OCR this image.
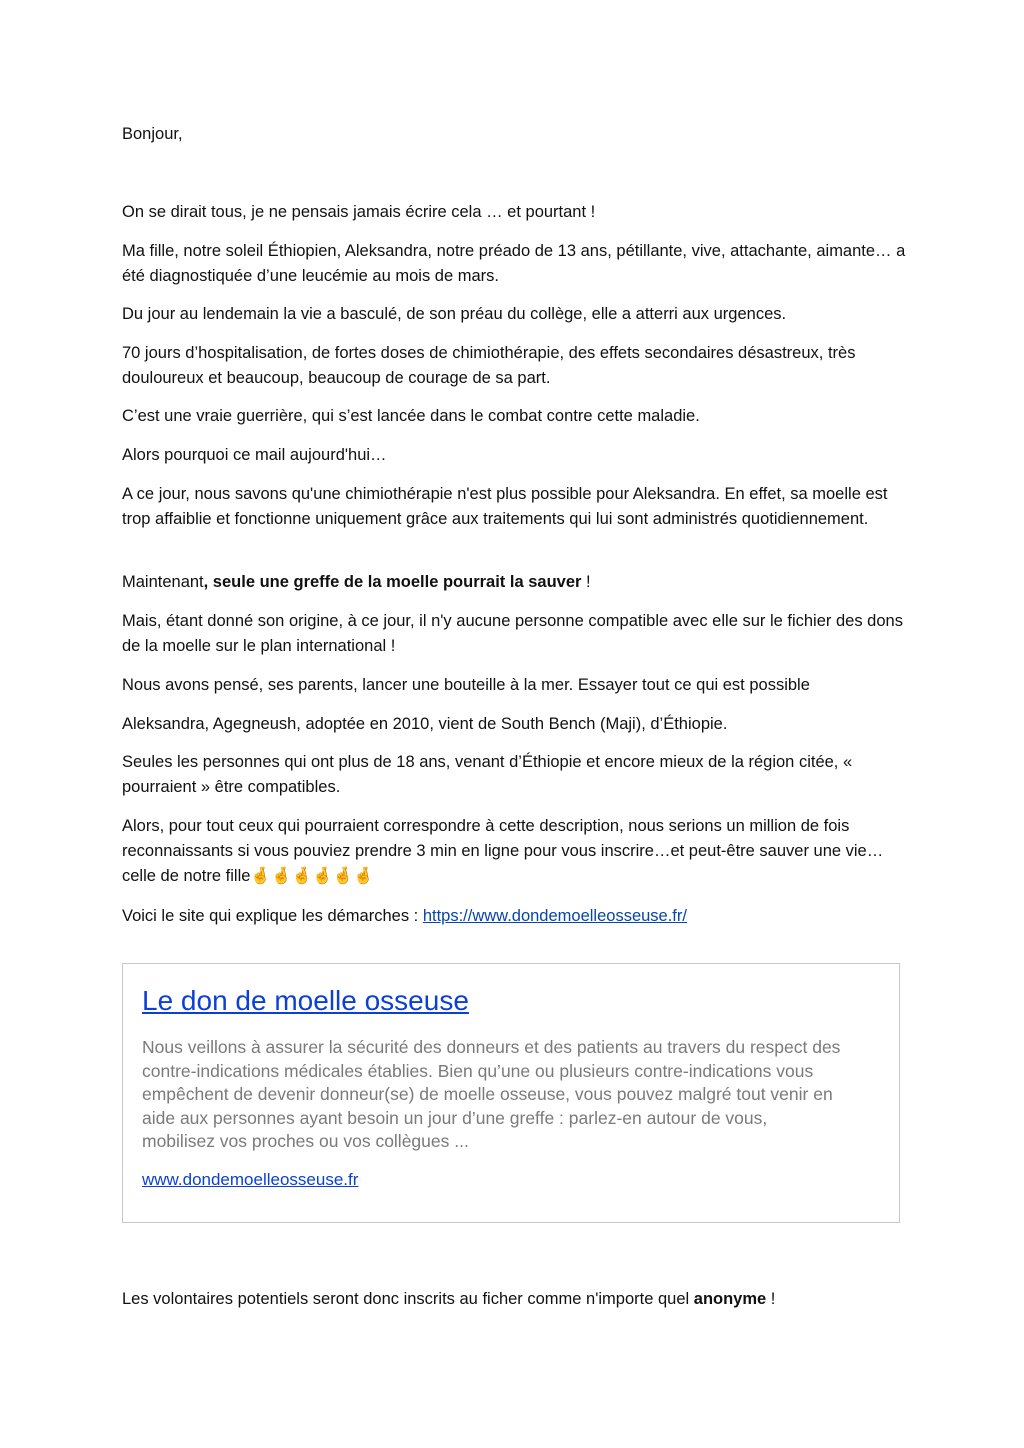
Bonjour,

On se dirait tous, je ne pensais jamais écrire cela … et pourtant !

Ma fille, notre soleil Éthiopien, Aleksandra, notre préado de 13 ans, pétillante, vive, attachante, aimante… a été diagnostiquée d’une leucémie au mois de mars.

Du jour au lendemain la vie a basculé, de son préau du collège, elle a atterri aux urgences.

70 jours d’hospitalisation, de fortes doses de chimiothérapie, des effets secondaires désastreux, très douloureux et beaucoup, beaucoup de courage de sa part.

C’est une vraie guerrière, qui s’est lancée dans le combat contre cette maladie.

Alors pourquoi ce mail aujourd'hui…

A ce jour, nous savons qu'une chimiothérapie n'est plus possible pour Aleksandra. En effet, sa moelle est trop affaiblie et fonctionne uniquement grâce aux traitements qui lui sont administrés quotidiennement.

Maintenant, seule une greffe de la moelle pourrait la sauver !

Mais, étant donné son origine, à ce jour, il n'y aucune personne compatible avec elle sur le fichier des dons de la moelle sur le plan international !

Nous avons pensé, ses parents, lancer une bouteille à la mer. Essayer tout ce qui est possible

Aleksandra, Agegneush, adoptée en 2010, vient de South Bench (Maji), d’Éthiopie.

Seules les personnes qui ont plus de 18 ans, venant d’Éthiopie et encore mieux de la région citée, « pourraient » être compatibles.

Alors, pour tout ceux qui pourraient correspondre à cette description, nous serions un million de fois reconnaissants si vous pouviez prendre 3 min en ligne pour vous inscrire…et peut-être sauver une vie…celle de notre fille🤞🤞🤞🤞🤞🤞

Voici le site qui explique les démarches : https://www.dondemoelleosseuse.fr/

Les volontaires potentiels seront donc inscrits au ficher comme n'importe quel anonyme !

Le don de moelle osseuse
Nous veillons à assurer la sécurité des donneurs et des patients au travers du respect des contre-indications médicales établies. Bien qu’une ou plusieurs contre-indications vous empêchent de devenir donneur(se) de moelle osseuse, vous pouvez malgré tout venir en aide aux personnes ayant besoin un jour d’une greffe : parlez-en autour de vous, mobilisez vos proches ou vos collègues ...
www.dondemoelleosseuse.fr
